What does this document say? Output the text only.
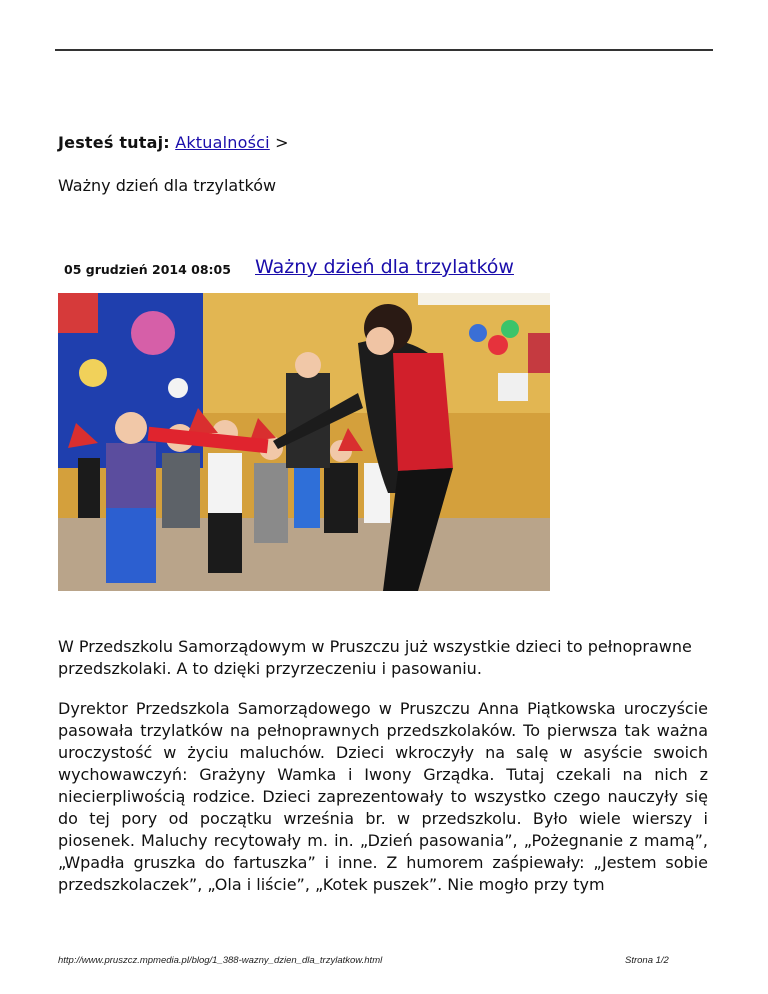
Jesteś tutaj: Aktualności >
Ważny dzień dla trzylatków
05 grudzień 2014 08:05 Ważny dzień dla trzylatków
W Przedszkolu Samorządowym w Pruszczu już wszystkie dzieci to pełnoprawne przedszkolaki. A to dzięki przyrzeczeniu i pasowaniu.
Dyrektor Przedszkola Samorządowego w Pruszczu Anna Piątkowska uroczyście pasowała trzylatków na pełnoprawnych przedszkolaków. To pierwsza tak ważna uroczystość w życiu maluchów. Dzieci wkroczyły na salę w asyście swoich wychowawczyń: Grażyny Wamka i Iwony Grządka. Tutaj czekali na nich z niecierpliwością rodzice. Dzieci zaprezentowały to wszystko czego nauczyły się do tej pory od początku września br. w przedszkolu. Było wiele wierszy i piosenek. Maluchy recytowały m. in. „Dzień pasowania”, „Pożegnanie z mamą”, „Wpadła gruszka do fartuszka” i inne. Z humorem zaśpiewały: „Jestem sobie przedszkolaczek”, „Ola i liście”, „Kotek puszek”. Nie mogło przy tym
http://www.pruszcz.mpmedia.pl/blog/1_388-wazny_dzien_dla_trzylatkow.html	Strona 1/2
